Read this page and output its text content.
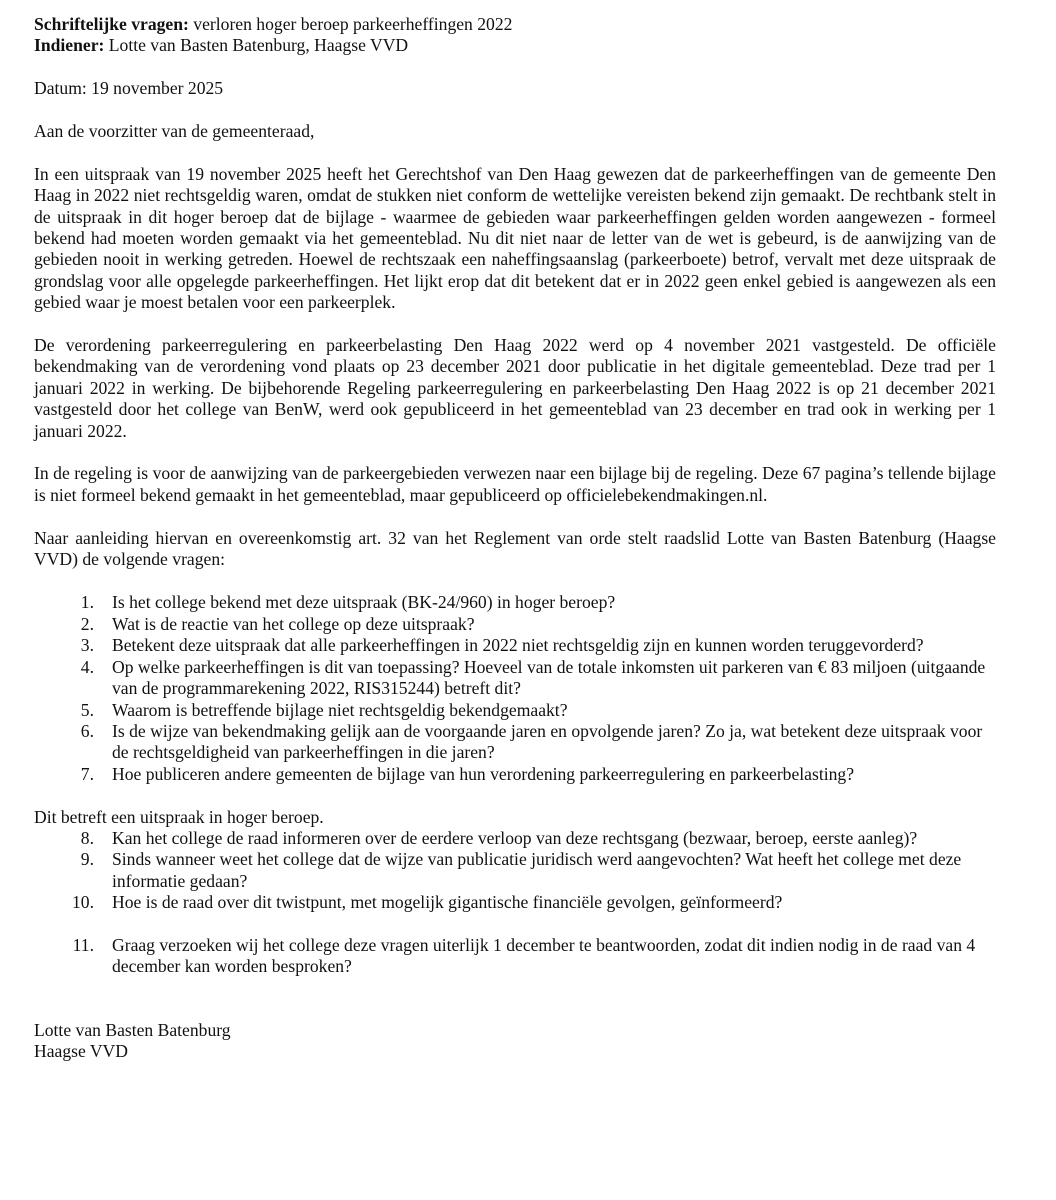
Schriftelijke vragen: verloren hoger beroep parkeerheffingen 2022

Indiener: Lotte van Basten Batenburg, Haagse VVD

Datum: 19 november 2025

Aan de voorzitter van de gemeenteraad,

In een uitspraak van 19 november 2025 heeft het Gerechtshof van Den Haag gewezen dat de parkeerheffingen van de gemeente Den Haag in 2022 niet rechtsgeldig waren, omdat de stukken niet conform de wettelijke vereisten bekend zijn gemaakt. De rechtbank stelt in de uitspraak in dit hoger beroep dat de bijlage - waarmee de gebieden waar parkeerheffingen gelden worden aangewezen - formeel bekend had moeten worden gemaakt via het gemeenteblad. Nu dit niet naar de letter van de wet is gebeurd, is de aanwijzing van de gebieden nooit in werking getreden. Hoewel de rechtszaak een naheffingsaanslag (parkeerboete) betrof, vervalt met deze uitspraak de grondslag voor alle opgelegde parkeerheffingen. Het lijkt erop dat dit betekent dat er in 2022 geen enkel gebied is aangewezen als een gebied waar je moest betalen voor een parkeerplek.

De verordening parkeerregulering en parkeerbelasting Den Haag 2022 werd op 4 november 2021 vastgesteld. De officiële bekendmaking van de verordening vond plaats op 23 december 2021 door publicatie in het digitale gemeenteblad. Deze trad per 1 januari 2022 in werking. De bijbehorende Regeling parkeerregulering en parkeerbelasting Den Haag 2022 is op 21 december 2021 vastgesteld door het college van BenW, werd ook gepubliceerd in het gemeenteblad van 23 december en trad ook in werking per 1 januari 2022.

In de regeling is voor de aanwijzing van de parkeergebieden verwezen naar een bijlage bij de regeling. Deze 67 pagina’s tellende bijlage is niet formeel bekend gemaakt in het gemeenteblad, maar gepubliceerd op officielebekendmakingen.nl.

Naar aanleiding hiervan en overeenkomstig art. 32 van het Reglement van orde stelt raadslid Lotte van Basten Batenburg (Haagse VVD) de volgende vragen:

1.	Is het college bekend met deze uitspraak (BK-24/960) in hoger beroep?
2.	Wat is de reactie van het college op deze uitspraak?
3.	Betekent deze uitspraak dat alle parkeerheffingen in 2022 niet rechtsgeldig zijn en kunnen worden teruggevorderd?
4.	Op welke parkeerheffingen is dit van toepassing? Hoeveel van de totale inkomsten uit parkeren van € 83 miljoen (uitgaande van de programmarekening 2022, RIS315244) betreft dit?
5.	Waarom is betreffende bijlage niet rechtsgeldig bekendgemaakt?
6.	Is de wijze van bekendmaking gelijk aan de voorgaande jaren en opvolgende jaren? Zo ja, wat betekent deze uitspraak voor de rechtsgeldigheid van parkeerheffingen in die jaren?
7.	Hoe publiceren andere gemeenten de bijlage van hun verordening parkeerregulering en parkeerbelasting?

Dit betreft een uitspraak in hoger beroep.

8.	Kan het college de raad informeren over de eerdere verloop van deze rechtsgang (bezwaar, beroep, eerste aanleg)?
9.	Sinds wanneer weet het college dat de wijze van publicatie juridisch werd aangevochten? Wat heeft het college met deze informatie gedaan?
10.	Hoe is de raad over dit twistpunt, met mogelijk gigantische financiële gevolgen, geïnformeerd?
11.	Graag verzoeken wij het college deze vragen uiterlijk 1 december te beantwoorden, zodat dit indien nodig in de raad van 4 december kan worden besproken?

Lotte van Basten Batenburg

Haagse VVD
